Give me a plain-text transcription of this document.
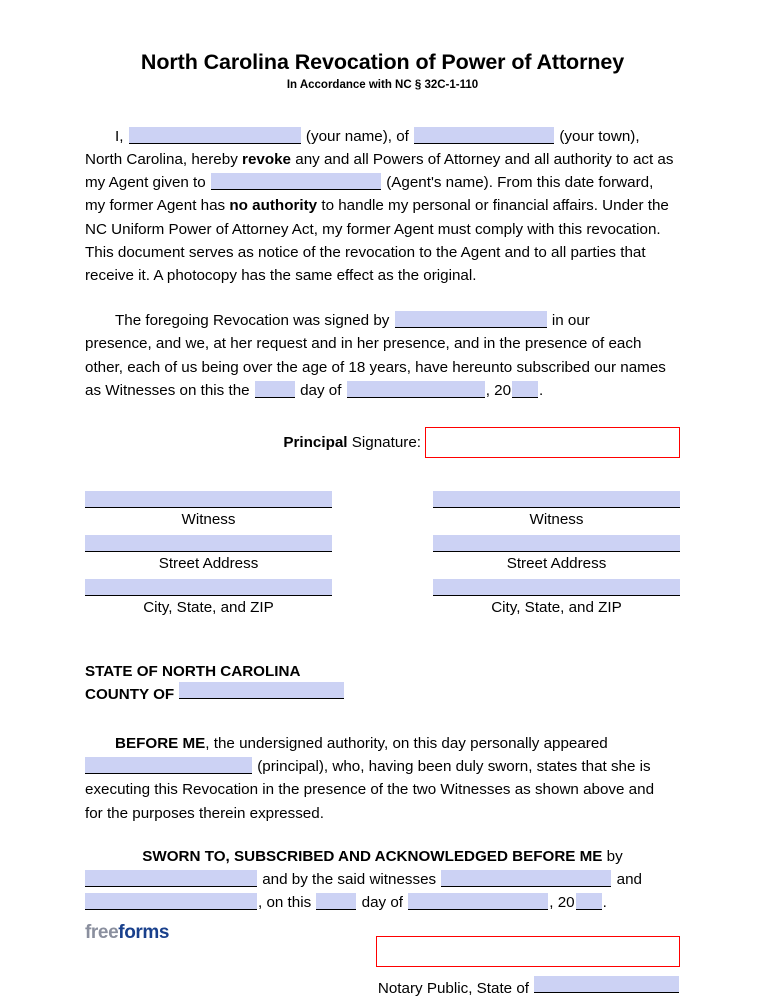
North Carolina Revocation of Power of Attorney
In Accordance with NC § 32C-1-110
I,	(your name), of	(your town),
North Carolina, hereby revoke any and all Powers of Attorney and all authority to act as
my Agent given to	(Agent's name). From this date forward,
my former Agent has no authority to handle my personal or financial affairs. Under the
NC Uniform Power of Attorney Act, my former Agent must comply with this revocation.
This document serves as notice of the revocation to the Agent and to all parties that
receive it. A photocopy has the same effect as the original.
The foregoing Revocation was signed by	in our
presence, and we, at her request and in her presence, and in the presence of each
other, each of us being over the age of 18 years, have hereunto subscribed our names
as Witnesses on this the	day of	, 20 .
Principal Signature:
Witness
Street Address
City, State, and ZIP
Witness
Street Address
City, State, and ZIP
STATE OF NORTH CAROLINA
COUNTY OF
BEFORE ME, the undersigned authority, on this day personally appeared
(principal), who, having been duly sworn, states that she is
executing this Revocation in the presence of the two Witnesses as shown above and
for the purposes therein expressed.
SWORN TO, SUBSCRIBED AND ACKNOWLEDGED BEFORE ME by
and by the said witnesses	and
, on this	day of	, 20 .
Notary Public, State of
freeforms
